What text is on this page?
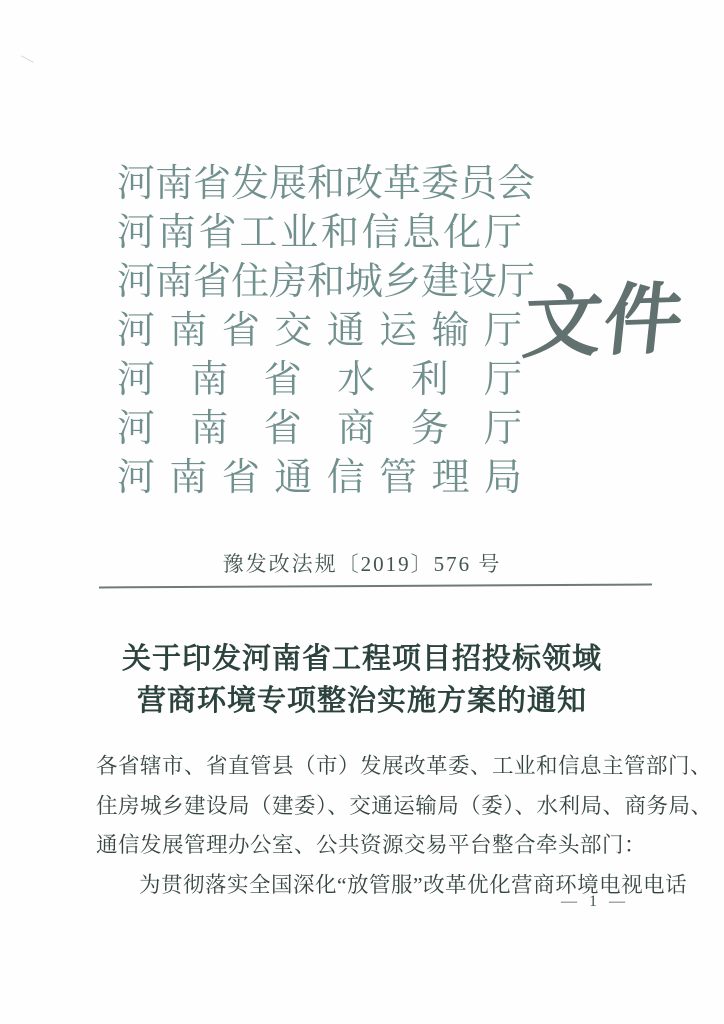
河南省发展和改革委员会
河南省工业和信息化厅
河南省住房和城乡建设厅
河南省交通运输厅
河南省水利厅
河南省商务厅
河南省通信管理局
文件
豫发改法规〔2019〕576 号
关于印发河南省工程项目招投标领域
营商环境专项整治实施方案的通知
各省辖市、省直管县（市）发展改革委、工业和信息主管部门、
住房城乡建设局（建委）、交通运输局（委）、水利局、商务局、
通信发展管理办公室、公共资源交易平台整合牵头部门：
为贯彻落实全国深化“放管服”改革优化营商环境电视电话
— 1 —
